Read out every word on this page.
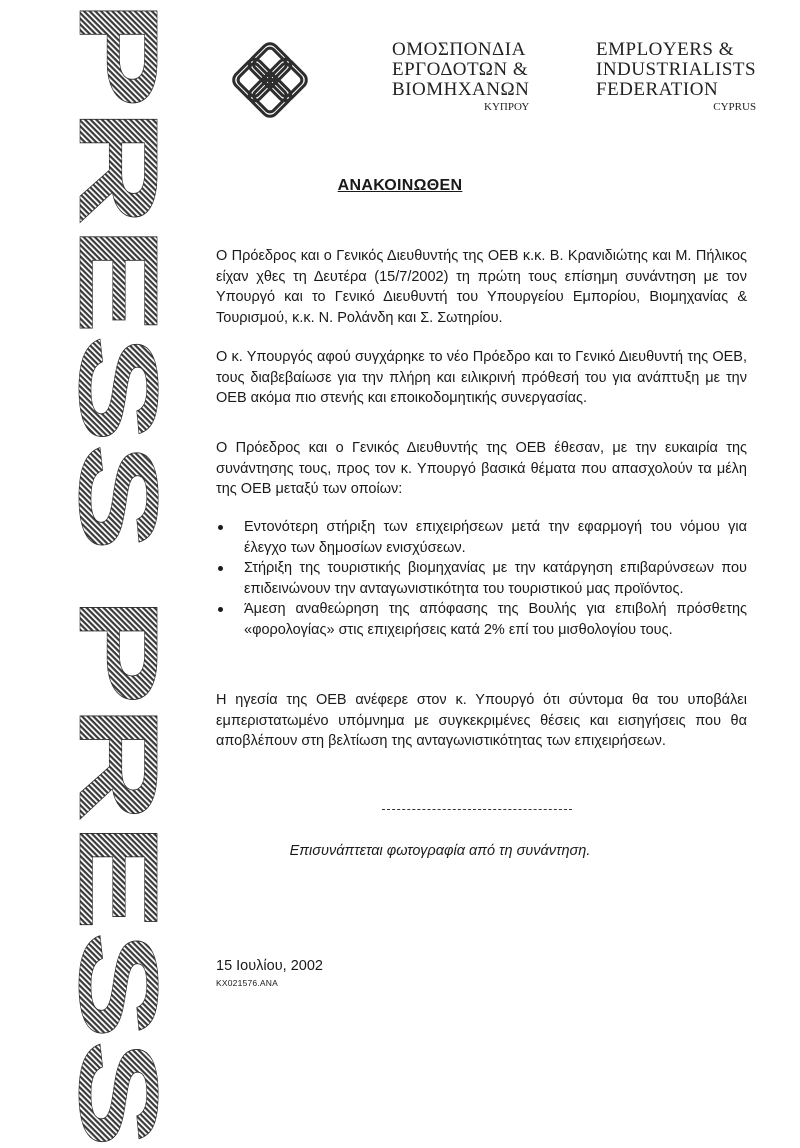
PRESS PRESS	ΟΜΟΣΠΟΝΔΙΑ
ΕΡΓΟΔΟΤΩΝ &
ΒΙΟΜΗΧΑΝΩΝ
ΚΥΠΡΟΥ
EMPLOYERS &
INDUSTRIALISTS
FEDERATION
CYPRUS
ΑΝΑΚΟΙΝΩΘΕΝ

Ο Πρόεδρος και ο Γενικός Διευθυντής της ΟΕΒ κ.κ. Β. Κρανιδιώτης και Μ. Πήλικος είχαν χθες τη Δευτέρα (15/7/2002) τη πρώτη τους επίσημη συνάντηση με τον Υπουργό και το Γενικό Διευθυντή του Υπουργείου Εμπορίου, Βιομηχανίας & Τουρισμού, κ.κ. Ν. Ρολάνδη και Σ. Σωτηρίου.

Ο κ. Υπουργός αφού συγχάρηκε το νέο Πρόεδρο και το Γενικό Διευθυντή της ΟΕΒ, τους διαβεβαίωσε για την πλήρη και ειλικρινή πρόθεσή του για ανάπτυξη με την ΟΕΒ ακόμα πιο στενής και εποικοδομητικής συνεργασίας.

Ο Πρόεδρος και ο Γενικός Διευθυντής της ΟΕΒ έθεσαν, με την ευκαιρία της συνάντησης τους, προς τον κ. Υπουργό βασικά θέματα που απασχολούν τα μέλη της ΟΕΒ μεταξύ των οποίων:

Εντονότερη στήριξη των επιχειρήσεων μετά την εφαρμογή του νόμου για έλεγχο των δημοσίων ενισχύσεων.
Στήριξη της τουριστικής βιομηχανίας με την κατάργηση επιβαρύνσεων που επιδεινώνουν την ανταγωνιστικότητα του τουριστικού μας προϊόντος.
Άμεση αναθεώρηση της απόφασης της Βουλής για επιβολή πρόσθετης «φορολογίας» στις επιχειρήσεις κατά 2% επί του μισθολογίου τους.

Η ηγεσία της ΟΕΒ ανέφερε στον κ. Υπουργό ότι σύντομα θα του υποβάλει εμπεριστατωμένο υπόμνημα με συγκεκριμένες θέσεις και εισηγήσεις που θα αποβλέπουν στη βελτίωση της ανταγωνιστικότητας των επιχειρήσεων.

Επισυνάπτεται φωτογραφία από τη συνάντηση.
15 Ιουλίου, 2002
KX021576.ANA
